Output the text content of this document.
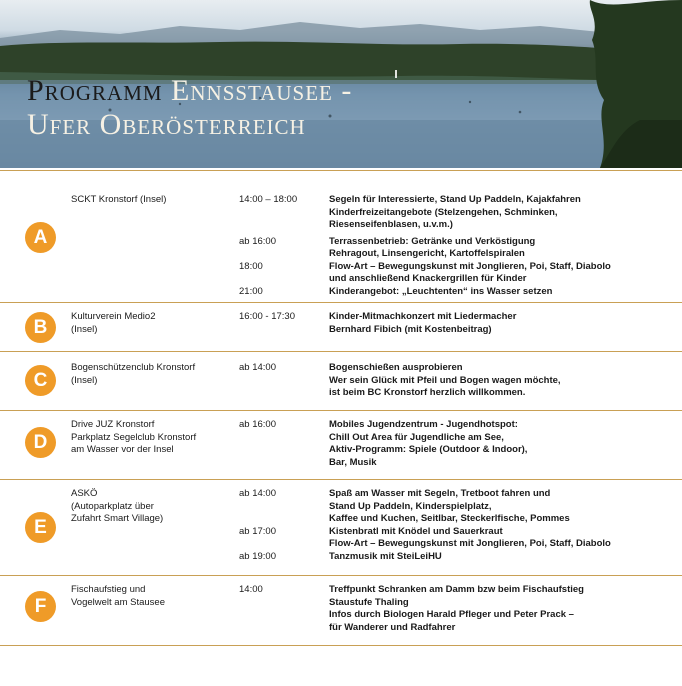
Programm Ennsstausee -
Ufer Oberösterreich
A
SCKT Kronstorf (Insel)	14:00 – 18:00	Segeln für Interessierte, Stand Up Paddeln, Kajakfahren
Kinderfreizeitangebote (Stelzengehen, Schminken,
Riesenseifenblasen, u.v.m.)
ab 16:00	Terrassenbetrieb: Getränke und Verköstigung
Rehragout, Linsengericht, Kartoffelspiralen
18:00	Flow-Art – Bewegungskunst mit Jonglieren, Poi, Staff, Diabolo
und anschließend Knackergrillen für Kinder
21:00	Kinderangebot: „Leuchtenten“ ins Wasser setzen
B
Kulturverein Medio2
(Insel)
16:00 - 17:30	Kinder-Mitmachkonzert mit Liedermacher
Bernhard Fibich (mit Kostenbeitrag)
C
Bogenschützenclub Kronstorf
(Insel)
ab 14:00	Bogenschießen ausprobieren
Wer sein Glück mit Pfeil und Bogen wagen möchte,
ist beim BC Kronstorf herzlich willkommen.
D
Drive JUZ Kronstorf
Parkplatz Segelclub Kronstorf
am Wasser vor der Insel
ab 16:00	Mobiles Jugendzentrum - Jugendhotspot:
Chill Out Area für Jugendliche am See,
Aktiv-Programm: Spiele (Outdoor & Indoor),
Bar, Musik
E
ASKÖ
(Autoparkplatz über
Zufahrt Smart Village)
ab 14:00	Spaß am Wasser mit Segeln, Tretboot fahren und
Stand Up Paddeln, Kinderspielplatz,
Kaffee und Kuchen, Seitlbar, Steckerlfische, Pommes
ab 17:00	Kistenbratl mit Knödel und Sauerkraut
Flow-Art – Bewegungskunst mit Jonglieren, Poi, Staff, Diabolo
ab 19:00	Tanzmusik mit SteiLeiHU
F
Fischaufstieg und
Vogelwelt am Stausee
14:00	Treffpunkt Schranken am Damm bzw beim Fischaufstieg
Staustufe Thaling
Infos durch Biologen Harald Pfleger und Peter Prack –
für Wanderer und Radfahrer
